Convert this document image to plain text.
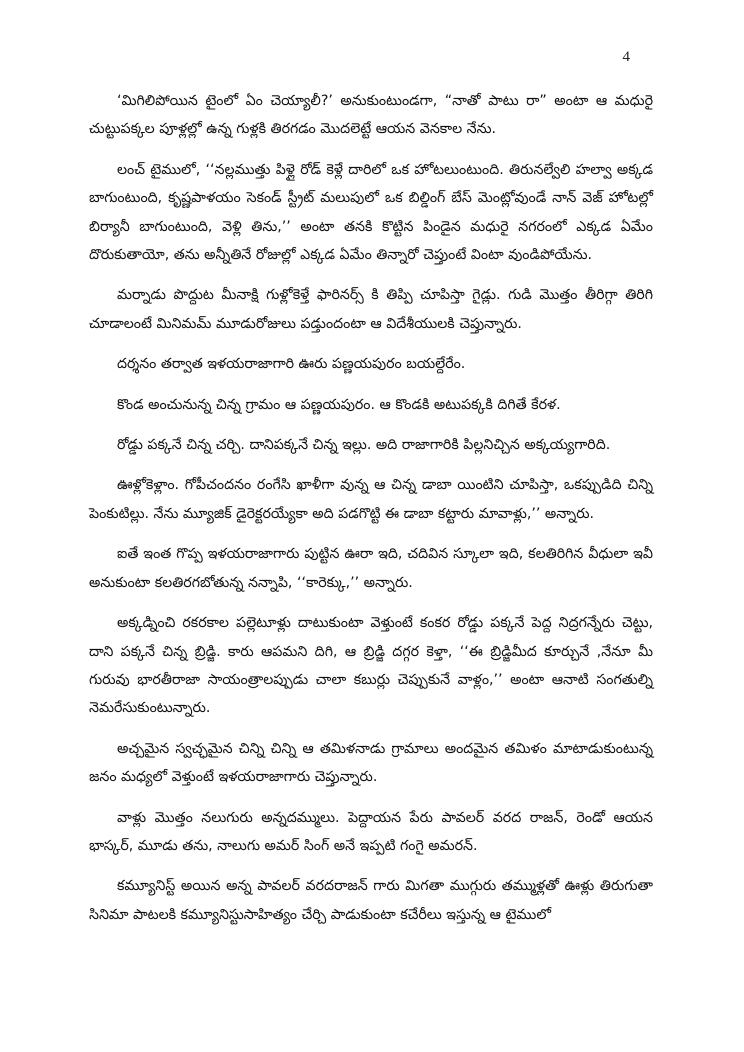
4

‘మిగిలిపోయిన టైంలో ఏం చెయ్యాలీ?’ అనుకుంటుండగా, “నాతో పాటు రా” అంటా ఆ మధురై చుట్టుపక్కల పూళ్లల్లో ఉన్న గుళ్లకి తిరగడం మొదలెట్టే ఆయన వెనకాల నేను.

లంచ్ టైములో, ‘‘నల్లముత్తు పిళ్లై రోడ్ కెళ్లే దారిలో ఒక హోటలుంటుంది. తిరునల్వేలి హల్వా అక్కడ బాగుంటుంది, కృష్ణపాళయం సెకండ్ స్ట్రీట్ మలుపులో ఒక బిల్డింగ్ బేస్ మెంట్లోవుండే నాన్ వెజ్ హోటల్లో బిర్యానీ బాగుంటుంది, వెళ్లి తిను,’’ అంటా తనకి కొట్టిన పిండైన మధురై నగరంలో ఎక్కడ ఏమేం దొరుకుతాయో, తను అన్నీతినే రోజుల్లో ఎక్కడ ఏమేం తిన్నారో చెప్తుంటే వింటా వుండిపోయేను.

మర్నాడు పొద్దుట మీనాక్షి గుళ్లోకెళ్తే ఫారినర్స్ కి తిప్పి చూపిస్తా గైడ్లు. గుడి మొత్తం తీరిగ్గా తిరిగి చూడాలంటే మినిమమ్ మూడురోజులు పడ్తుందంటా ఆ విదేశీయులకి చెప్తున్నారు.

దర్శనం తర్వాత ఇళయరాజాగారి ఊరు పణ్ణయపురం బయల్దేరేం.

కొండ అంచునున్న చిన్న గ్రామం ఆ పణ్ణయపురం. ఆ కొండకి అటుపక్కకి దిగితే కేరళ.

రోడ్డు పక్కనే చిన్న చర్చి. దానిపక్కనే చిన్న ఇల్లు. అది రాజాగారికి పిల్లనిచ్చిన అక్కయ్యగారిది.

ఊళ్లోకెళ్లాం. గోపీచందనం రంగేసి ఖాళీగా వున్న ఆ చిన్న డాబా యింటిని చూపిస్తా, ఒకప్పుడిది చిన్ని పెంకుటిల్లు. నేను మ్యూజిక్ డైరెక్టరయ్యేకా అది పడగొట్టి ఈ డాబా కట్టారు మావాళ్లు,’’ అన్నారు.

ఐతే ఇంత గొప్ప ఇళయరాజాగారు పుట్టిన ఊరా ఇది, చదివిన స్కూలా ఇది, కలతిరిగిన వీధులా ఇవీ అనుకుంటా కలతిరగబోతున్న నన్నాపి, ‘‘కారెక్కు,’’ అన్నారు.

అక్కడ్నించి రకరకాల పల్లెటూళ్లు దాటుకుంటా వెళ్తుంటే కంకర రోడ్డు పక్కనే పెద్ద నిద్రగన్నేరు చెట్టు, దాని పక్కనే చిన్న బ్రిడ్జి. కారు ఆపమని దిగి, ఆ బ్రిడ్జి దగ్గర కెళ్తా, ‘‘ఈ బ్రిడ్జిమీద కూర్చునే ,నేనూ మీ గురువు భారతీరాజా సాయంత్రాలప్పుడు చాలా కబుర్లు చెప్పుకునే వాళ్లం,’’ అంటా ఆనాటి సంగతుల్ని నెమరేసుకుంటున్నారు.

అచ్చమైన స్వచ్ఛమైన చిన్ని చిన్ని ఆ తమిళనాడు గ్రామాలు అందమైన తమిళం మాటాడుకుంటున్న జనం మధ్యలో వెళ్తుంటే ఇళయరాజాగారు చెప్తున్నారు.

వాళ్లు మొత్తం నలుగురు అన్నదమ్ములు. పెద్దాయన పేరు పావలర్ వరద రాజన్, రెండో ఆయన భాస్కర్, మూడు తను, నాలుగు అమర్ సింగ్ అనే ఇప్పటి గంగై అమరన్.

కమ్యూనిస్ట్ అయిన అన్న పావలర్ వరదరాజన్ గారు మిగతా ముగ్గురు తమ్ముళ్లతో ఊళ్లు తిరుగుతా సినిమా పాటలకి కమ్యూనిస్టుసాహిత్యం చేర్చి పాడుకుంటా కచేరీలు ఇస్తున్న ఆ టైములో
